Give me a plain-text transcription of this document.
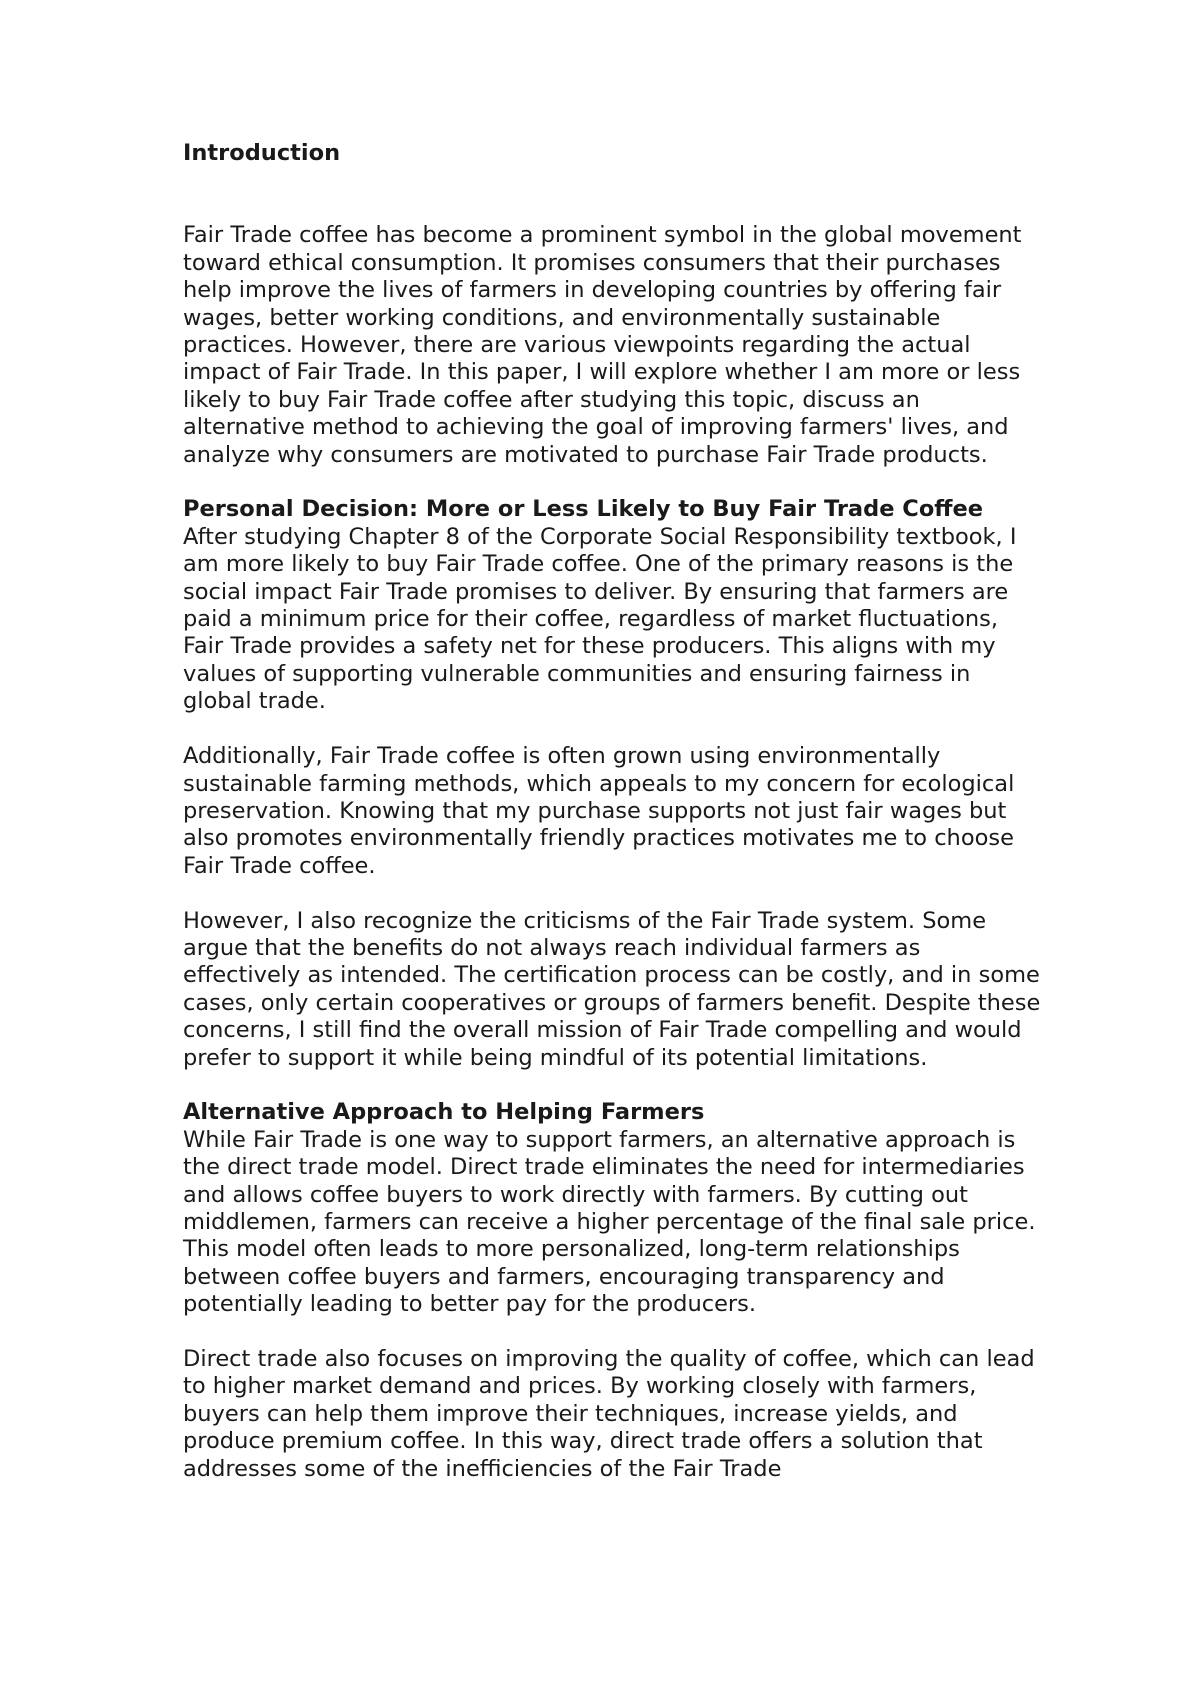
Introduction

Fair Trade coffee has become a prominent symbol in the global movement toward ethical consumption. It promises consumers that their purchases help improve the lives of farmers in developing countries by offering fair wages, better working conditions, and environmentally sustainable practices. However, there are various viewpoints regarding the actual impact of Fair Trade. In this paper, I will explore whether I am more or less likely to buy Fair Trade coffee after studying this topic, discuss an alternative method to achieving the goal of improving farmers' lives, and analyze why consumers are motivated to purchase Fair Trade products.

Personal Decision: More or Less Likely to Buy Fair Trade Coffee

After studying Chapter 8 of the Corporate Social Responsibility textbook, I am more likely to buy Fair Trade coffee. One of the primary reasons is the social impact Fair Trade promises to deliver. By ensuring that farmers are paid a minimum price for their coffee, regardless of market fluctuations, Fair Trade provides a safety net for these producers. This aligns with my values of supporting vulnerable communities and ensuring fairness in global trade.

Additionally, Fair Trade coffee is often grown using environmentally sustainable farming methods, which appeals to my concern for ecological preservation. Knowing that my purchase supports not just fair wages but also promotes environmentally friendly practices motivates me to choose Fair Trade coffee.

However, I also recognize the criticisms of the Fair Trade system. Some argue that the benefits do not always reach individual farmers as effectively as intended. The certification process can be costly, and in some cases, only certain cooperatives or groups of farmers benefit. Despite these concerns, I still find the overall mission of Fair Trade compelling and would prefer to support it while being mindful of its potential limitations.

Alternative Approach to Helping Farmers

While Fair Trade is one way to support farmers, an alternative approach is the direct trade model. Direct trade eliminates the need for intermediaries and allows coffee buyers to work directly with farmers. By cutting out middlemen, farmers can receive a higher percentage of the final sale price. This model often leads to more personalized, long-term relationships between coffee buyers and farmers, encouraging transparency and potentially leading to better pay for the producers.

Direct trade also focuses on improving the quality of coffee, which can lead to higher market demand and prices. By working closely with farmers, buyers can help them improve their techniques, increase yields, and produce premium coffee. In this way, direct trade offers a solution that addresses some of the inefficiencies of the Fair Trade
